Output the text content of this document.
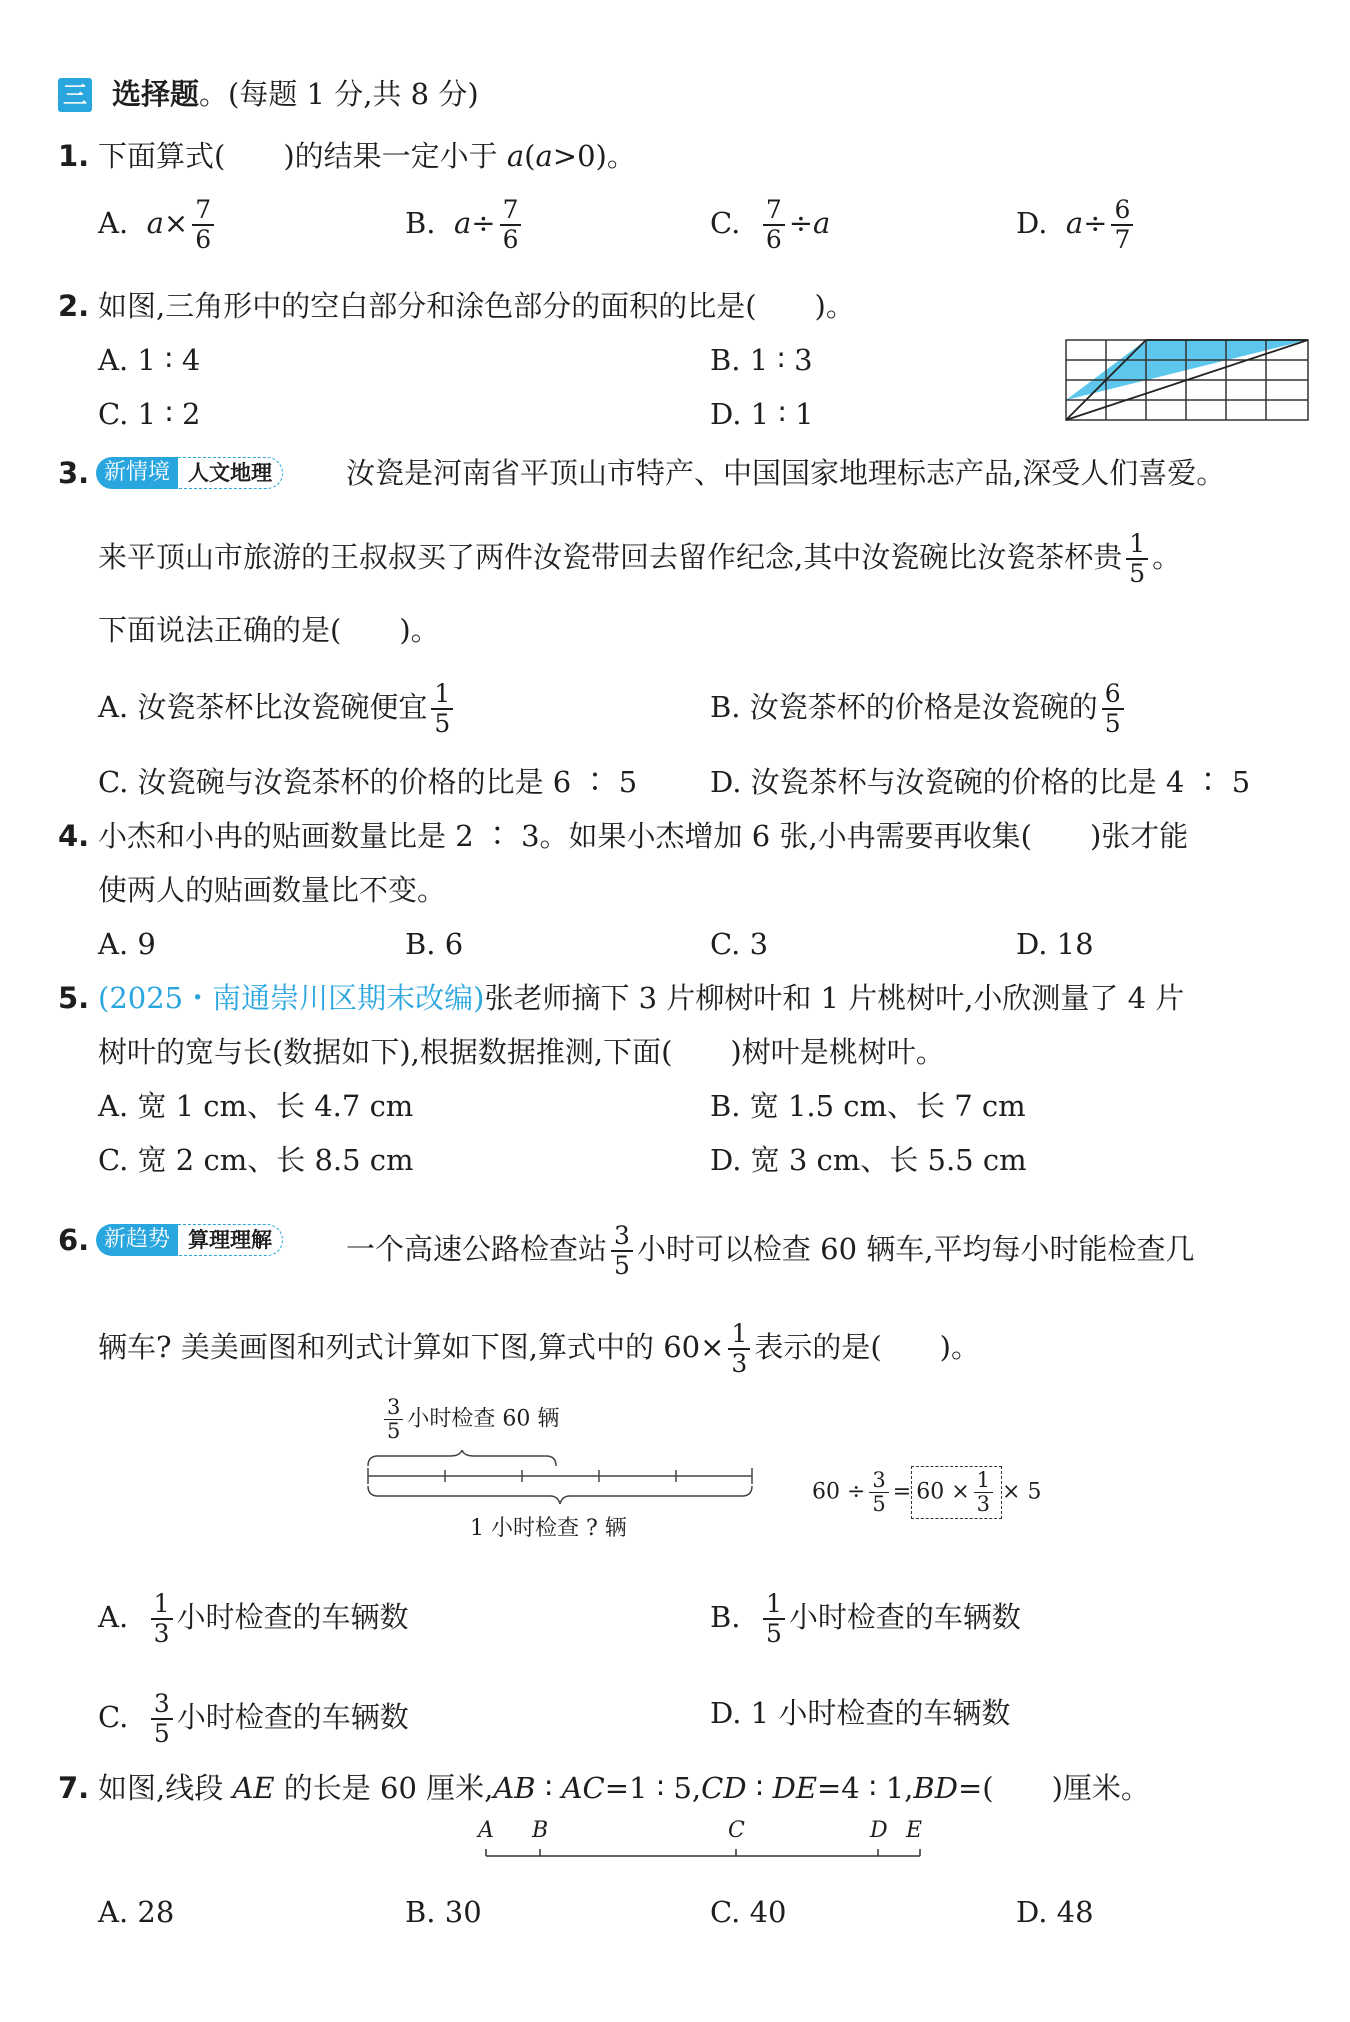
三 选择题。(每题 1 分,共 8 分)
1. 下面算式(　　)的结果一定小于 a(a>0)。
A. $a\times \frac{7}{6}$	B. $a\div \frac{7}{6}$	C. $\frac{7}{6} \div a$	D. $a\div \frac{6}{7}$
2. 如图,三角形中的空白部分和涂色部分的面积的比是(　　)。
A. 1 ∶ 4	B. 1 ∶ 3
C. 1 ∶ 2	D. 1 ∶ 1
3. 新情境 人文地理	汝瓷是河南省平顶山市特产、中国国家地理标志产品,深受人们喜爱。
来平顶山市旅游的王叔叔买了两件汝瓷带回去留作纪念,其中汝瓷碗比汝瓷茶杯贵 $\frac{1}{5}$ 。
下面说法正确的是(　　)。
A. 汝瓷茶杯比汝瓷碗便宜 $\frac{1}{5}$	B. 汝瓷茶杯的价格是汝瓷碗的 $\frac{6}{5}$
C. 汝瓷碗与汝瓷茶杯的价格的比是 6 ∶ 5	D. 汝瓷茶杯与汝瓷碗的价格的比是 4 ∶ 5
4. 小杰和小冉的贴画数量比是 2 ∶ 3。如果小杰增加 6 张,小冉需要再收集(　　)张才能
使两人的贴画数量比不变。
A. 9	B. 6	C. 3	D. 18
5. (2025・南通崇川区期末改编)张老师摘下 3 片柳树叶和 1 片桃树叶,小欣测量了 4 片
树叶的宽与长(数据如下),根据数据推测,下面(　　)树叶是桃树叶。
A. 宽 1 cm、长 4.7 cm	B. 宽 1.5 cm、长 7 cm
C. 宽 2 cm、长 8.5 cm	D. 宽 3 cm、长 5.5 cm
6. 新趋势 算理理解	一个高速公路检查站 $\frac{3}{5}$ 小时可以检查 60 辆车,平均每小时能检查几
辆车? 美美画图和列式计算如下图,算式中的 $60\times \frac{1}{3}$ 表示的是(　　)。
$\frac{3}{5}$ 小时检查 60 辆
1 小时检查 ? 辆
$60 \div \frac{3}{5} = 60 \times \frac{1}{3} \times 5$
A. $\frac{1}{3}$ 小时检查的车辆数	B. $\frac{1}{5}$ 小时检查的车辆数
C. $\frac{3}{5}$ 小时检查的车辆数	D. 1 小时检查的车辆数
7. 如图,线段 AE 的长是 60 厘米,AB ∶ AC=1 ∶ 5,CD ∶ DE=4 ∶ 1,BD=(　　)厘米。
A B	C	D E
A. 28	B. 30	C. 40	D. 48
